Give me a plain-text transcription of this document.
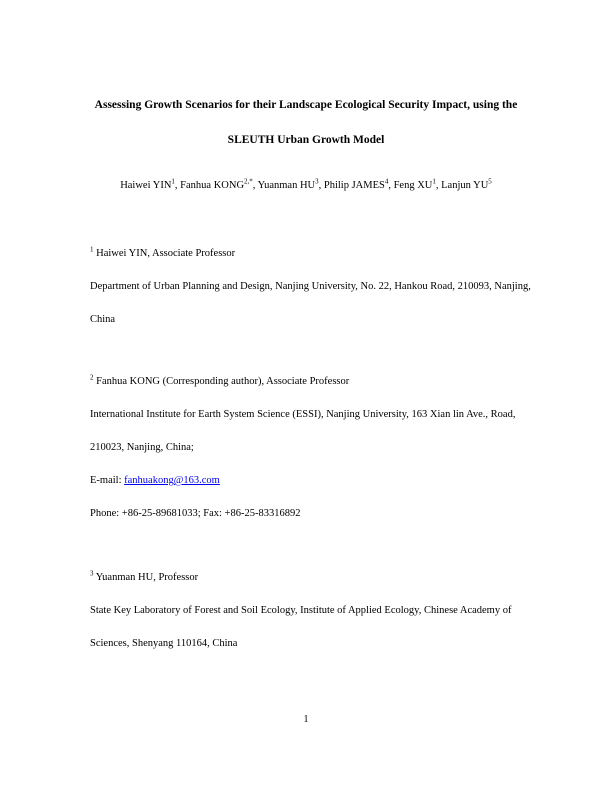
Assessing Growth Scenarios for their Landscape Ecological Security Impact, using the
SLEUTH Urban Growth Model
Haiwei YIN$^1$, Fanhua $KONG^{2,*}$, Yuanman $HU^3$, Philip JAMES$^4$, Feng $XU^1$, Lanjun $YU^5$
$^1$ Haiwei YIN, Associate Professor
Department of Urban Planning and Design, Nanjing University, No. 22, Hankou Road, 210093, Nanjing,
China
$^2$ Fanhua KONG (Corresponding author), Associate Professor
International Institute for Earth System Science (ESSI), Nanjing University, 163 Xian lin Ave., Road,
210023, Nanjing, China;
E-mail: fanhuakong@163.com
Phone: +86-25-89681033; Fax: +86-25-83316892
$^3$ Yuanman HU, Professor
State Key Laboratory of Forest and Soil Ecology, Institute of Applied Ecology, Chinese Academy of
Sciences, Shenyang 110164, China
1
